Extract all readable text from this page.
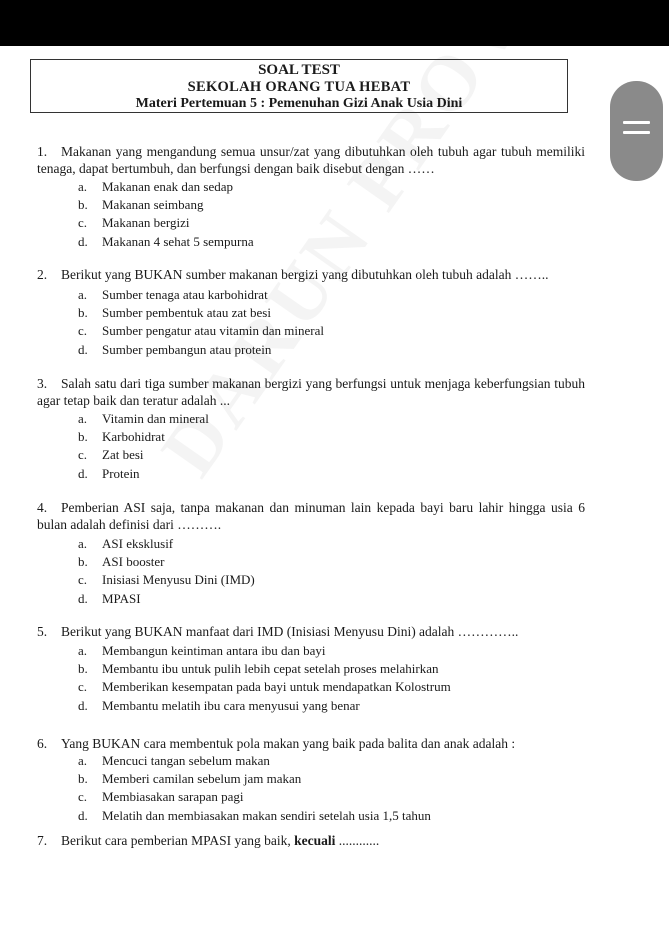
SOAL TEST
SEKOLAH ORANG TUA HEBAT
Materi Pertemuan 5 : Pemenuhan Gizi Anak Usia Dini
1.	Makanan yang mengandung semua unsur/zat yang dibutuhkan oleh tubuh agar tubuh memiliki tenaga, dapat bertumbuh, dan berfungsi dengan baik disebut dengan ……
a. Makanan enak dan sedap
b. Makanan seimbang
c. Makanan bergizi
d. Makanan 4 sehat 5 sempurna
2. Berikut yang BUKAN sumber makanan bergizi yang dibutuhkan oleh tubuh adalah ……..
a. Sumber tenaga atau karbohidrat
b. Sumber pembentuk atau zat besi
c. Sumber pengatur atau vitamin dan mineral
d. Sumber pembangun atau protein
3.	Salah satu dari tiga sumber makanan bergizi yang berfungsi untuk menjaga keberfungsian tubuh agar tetap baik dan teratur adalah ...
a. Vitamin dan mineral
b. Karbohidrat
c. Zat besi
d. Protein
4.	Pemberian ASI saja, tanpa makanan dan minuman lain kepada bayi baru lahir hingga usia 6 bulan adalah definisi dari ……….
a. ASI eksklusif
b. ASI booster
c. Inisiasi Menyusu Dini (IMD)
d. MPASI
5. Berikut yang BUKAN manfaat dari IMD (Inisiasi Menyusu Dini) adalah …………..
a. Membangun keintiman antara ibu dan bayi
b. Membantu ibu untuk pulih lebih cepat setelah proses melahirkan
c. Memberikan kesempatan pada bayi untuk mendapatkan Kolostrum
d. Membantu melatih ibu cara menyusui yang benar
6. Yang BUKAN cara membentuk pola makan yang baik pada balita dan anak adalah :
a. Mencuci tangan sebelum makan
b. Memberi camilan sebelum jam makan
c. Membiasakan sarapan pagi
d. Melatih dan membiasakan makan sendiri setelah usia 1,5 tahun
7. Berikut cara pemberian MPASI yang baik, kecuali ............
